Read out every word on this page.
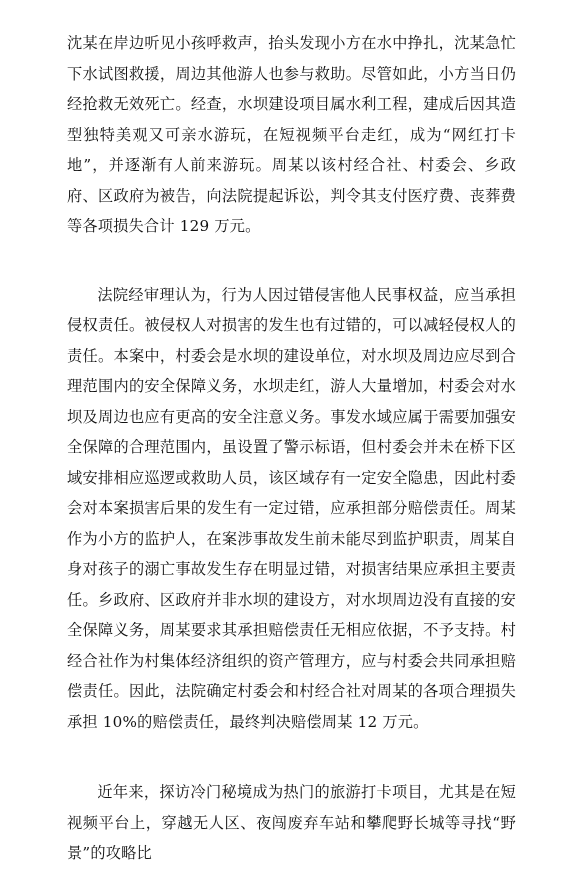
沈某在岸边听见小孩呼救声，抬头发现小方在水中挣扎，沈某急忙下水试图救援，周边其他游人也参与救助。尽管如此，小方当日仍经抢救无效死亡。经查，水坝建设项目属水利工程，建成后因其造型独特美观又可亲水游玩，在短视频平台走红，成为“网红打卡地”，并逐渐有人前来游玩。周某以该村经合社、村委会、乡政府、区政府为被告，向法院提起诉讼，判令其支付医疗费、丧葬费等各项损失合计 129 万元。

法院经审理认为，行为人因过错侵害他人民事权益，应当承担侵权责任。被侵权人对损害的发生也有过错的，可以减轻侵权人的责任。本案中，村委会是水坝的建设单位，对水坝及周边应尽到合理范围内的安全保障义务，水坝走红，游人大量增加，村委会对水坝及周边也应有更高的安全注意义务。事发水域应属于需要加强安全保障的合理范围内，虽设置了警示标语，但村委会并未在桥下区域安排相应巡逻或救助人员，该区域存有一定安全隐患，因此村委会对本案损害后果的发生有一定过错，应承担部分赔偿责任。周某作为小方的监护人，在案涉事故发生前未能尽到监护职责，周某自身对孩子的溺亡事故发生存在明显过错，对损害结果应承担主要责任。乡政府、区政府并非水坝的建设方，对水坝周边没有直接的安全保障义务，周某要求其承担赔偿责任无相应依据，不予支持。村经合社作为村集体经济组织的资产管理方，应与村委会共同承担赔偿责任。因此，法院确定村委会和村经合社对周某的各项合理损失承担 10%的赔偿责任，最终判决赔偿周某 12 万元。

近年来，探访冷门秘境成为热门的旅游打卡项目，尤其是在短视频平台上，穿越无人区、夜闯废弃车站和攀爬野长城等寻找“野景”的攻略比
